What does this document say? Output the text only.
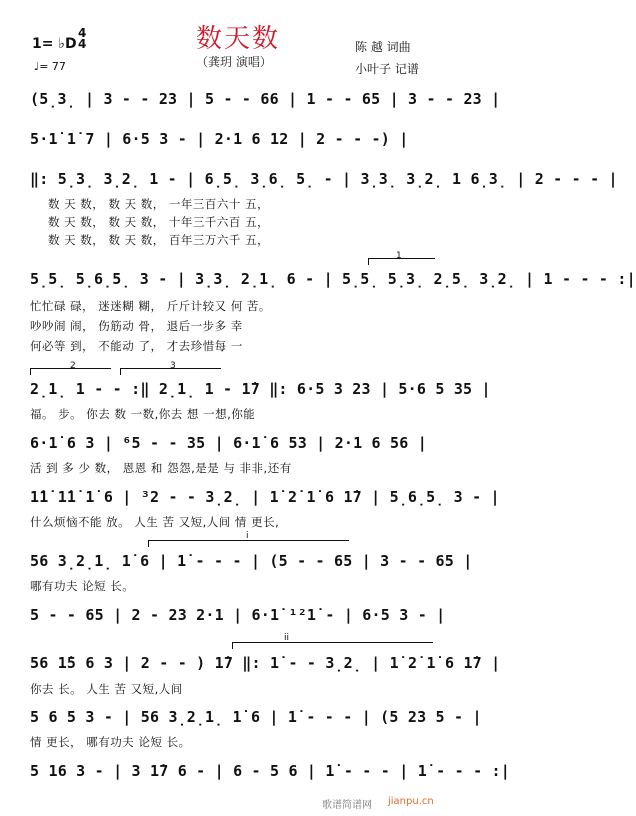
1= ♭D
4
4
♩= 77
数天数
（龚玥 演唱）
陈 越 词曲
小叶子 记谱
(5̣3̣ | 3 - - 23 | 5 - - 66 | 1 - - 65 | 3 - - 23 |
5·1̇ 1̇ 7 | 6·5 3 - | 2·1 6 12 | 2 - - -) |
‖: 5̣3̣ 3̣2̣ 1 - | 6̣5̣ 3̣6̣ 5̣ - | 3̣3̣ 3̣2̣ 1 6̣3̣ | 2 - - - |
数 天 数， 数 天 数， 一年三百六十 五，
数 天 数， 数 天 数， 十年三千六百 五，
数 天 数， 数 天 数， 百年三万六千 五，
1
5̣5̣ 5̣6̣5̣ 3 - | 3̣3̣ 2̣1̣ 6 - | 5̣5̣ 5̣3̣ 2̣5̣ 3̣2̣ | 1 - - - :|
忙忙碌 碌， 迷迷糊 糊， 斤斤计较又 何 苦。
吵吵闹 闹， 伤筋动 骨， 退后一步多 幸
何必等 到， 不能动 了， 才去珍惜每 一
2	3
2̣1̣ 1 - - :‖ 2̣1̣ 1 - 1̇7 ‖: 6·5 3 23 | 5·6 5 35 |
福。 步。 你去 数 一数,你去 想 一想,你能
6·1̇ 6 3 | ⁶5 - - 35 | 6·1̇ 6 53 | 2·1 6 56 |
活 到 多 少 数， 恩恩 和 怨怨,是是 与 非非,还有
1̇1̇ 1̇1̇ 1̇ 6 | ³2 - - 3̣2̣ | 1̇ 2̇ 1̇ 6 1̇7 | 5̣6̣5̣ 3 - |
什么烦恼不能 放。 人生 苦 又短,人间 情 更长,
i
56 3̣2̣1̣ 1̇ 6 | 1̇ - - - | (5 - - 65 | 3 - - 65 |
哪有功夫 论短 长。
5 - - 65 | 2 - 23 2·1 | 6·1̇ ¹²1̇ - | 6·5 3 - |
ii
56 1̇5 6 3 | 2 - - ) 1̇7 ‖: 1̇ - - 3̣2̣ | 1̇ 2̇ 1̇ 6 1̇7 |
你去 长。 人生 苦 又短,人间
5 6 5 3 - | 56 3̣2̣1̣ 1̇ 6 | 1̇ - - - | (5 23 5 - |
情 更长， 哪有功夫 论短 长。
5 16 3 - | 3 1̇7 6 - | 6 - 5 6 | 1̇ - - - | 1̇ - - - :|
歌谱简谱网 jianpu.cn
